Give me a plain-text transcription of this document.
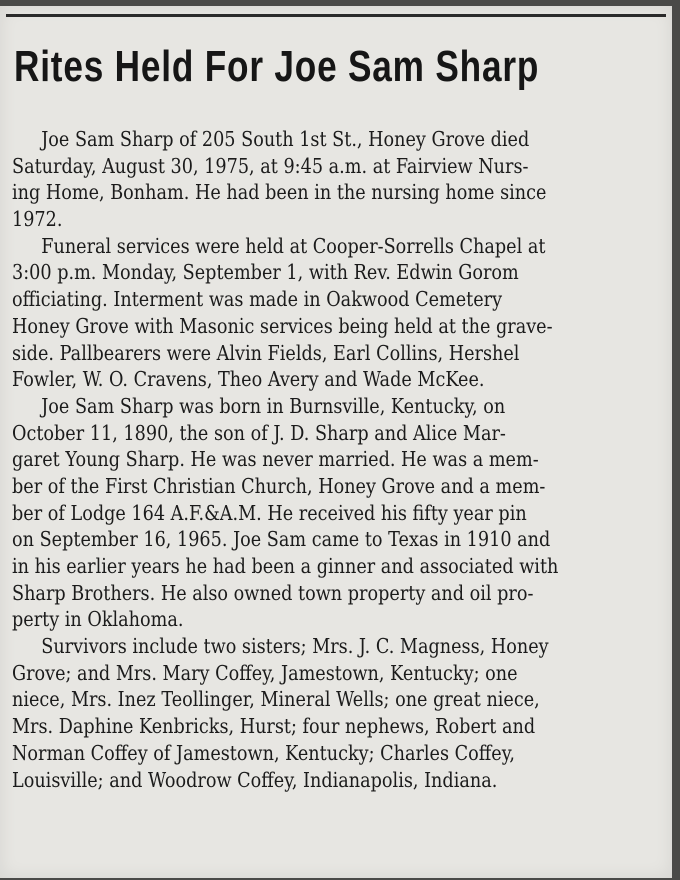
Rites Held For Joe Sam Sharp
Joe Sam Sharp of 205 South 1st St., Honey Grove died
Saturday, August 30, 1975, at 9:45 a.m. at Fairview Nurs-
ing Home, Bonham. He had been in the nursing home since
1972.
Funeral services were held at Cooper-Sorrells Chapel at
3:00 p.m. Monday, September 1, with Rev. Edwin Gorom
officiating. Interment was made in Oakwood Cemetery
Honey Grove with Masonic services being held at the grave-
side. Pallbearers were Alvin Fields, Earl Collins, Hershel
Fowler, W. O. Cravens, Theo Avery and Wade McKee.
Joe Sam Sharp was born in Burnsville, Kentucky, on
October 11, 1890, the son of J. D. Sharp and Alice Mar-
garet Young Sharp. He was never married. He was a mem-
ber of the First Christian Church, Honey Grove and a mem-
ber of Lodge 164 A.F.&A.M. He received his fifty year pin
on September 16, 1965. Joe Sam came to Texas in 1910 and
in his earlier years he had been a ginner and associated with
Sharp Brothers. He also owned town property and oil pro-
perty in Oklahoma.
Survivors include two sisters; Mrs. J. C. Magness, Honey
Grove; and Mrs. Mary Coffey, Jamestown, Kentucky; one
niece, Mrs. Inez Teollinger, Mineral Wells; one great niece,
Mrs. Daphine Kenbricks, Hurst; four nephews, Robert and
Norman Coffey of Jamestown, Kentucky; Charles Coffey,
Louisville; and Woodrow Coffey, Indianapolis, Indiana.
